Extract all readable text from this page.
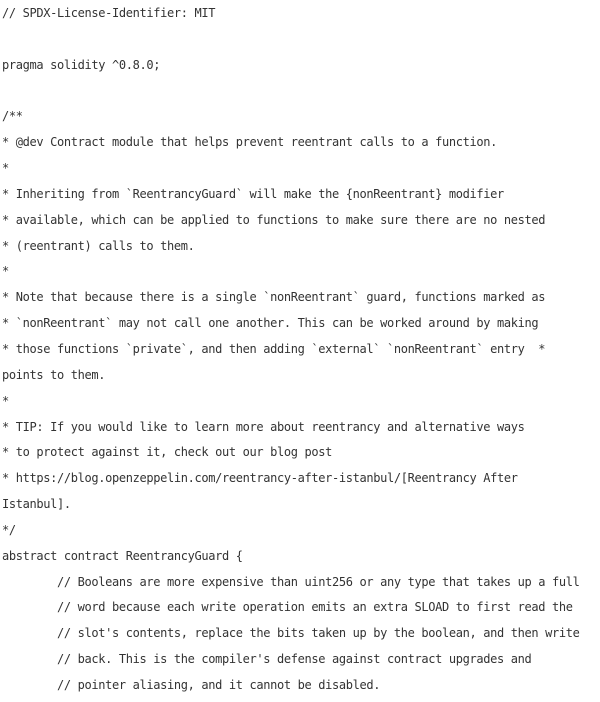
// SPDX-License-Identifier: MIT
pragma solidity ^0.8.0;
/**
* @dev Contract module that helps prevent reentrant calls to a function.
*
* Inheriting from `ReentrancyGuard` will make the {nonReentrant} modifier
* available, which can be applied to functions to make sure there are no nested
* (reentrant) calls to them.
*
* Note that because there is a single `nonReentrant` guard, functions marked as
* `nonReentrant` may not call one another. This can be worked around by making
* those functions `private`, and then adding `external` `nonReentrant` entry  *
points to them.
*
* TIP: If you would like to learn more about reentrancy and alternative ways
* to protect against it, check out our blog post
* https://blog.openzeppelin.com/reentrancy-after-istanbul/[Reentrancy After
Istanbul].
*/
abstract contract ReentrancyGuard {
// Booleans are more expensive than uint256 or any type that takes up a full
// word because each write operation emits an extra SLOAD to first read the
// slot's contents, replace the bits taken up by the boolean, and then write
// back. This is the compiler's defense against contract upgrades and
// pointer aliasing, and it cannot be disabled.
